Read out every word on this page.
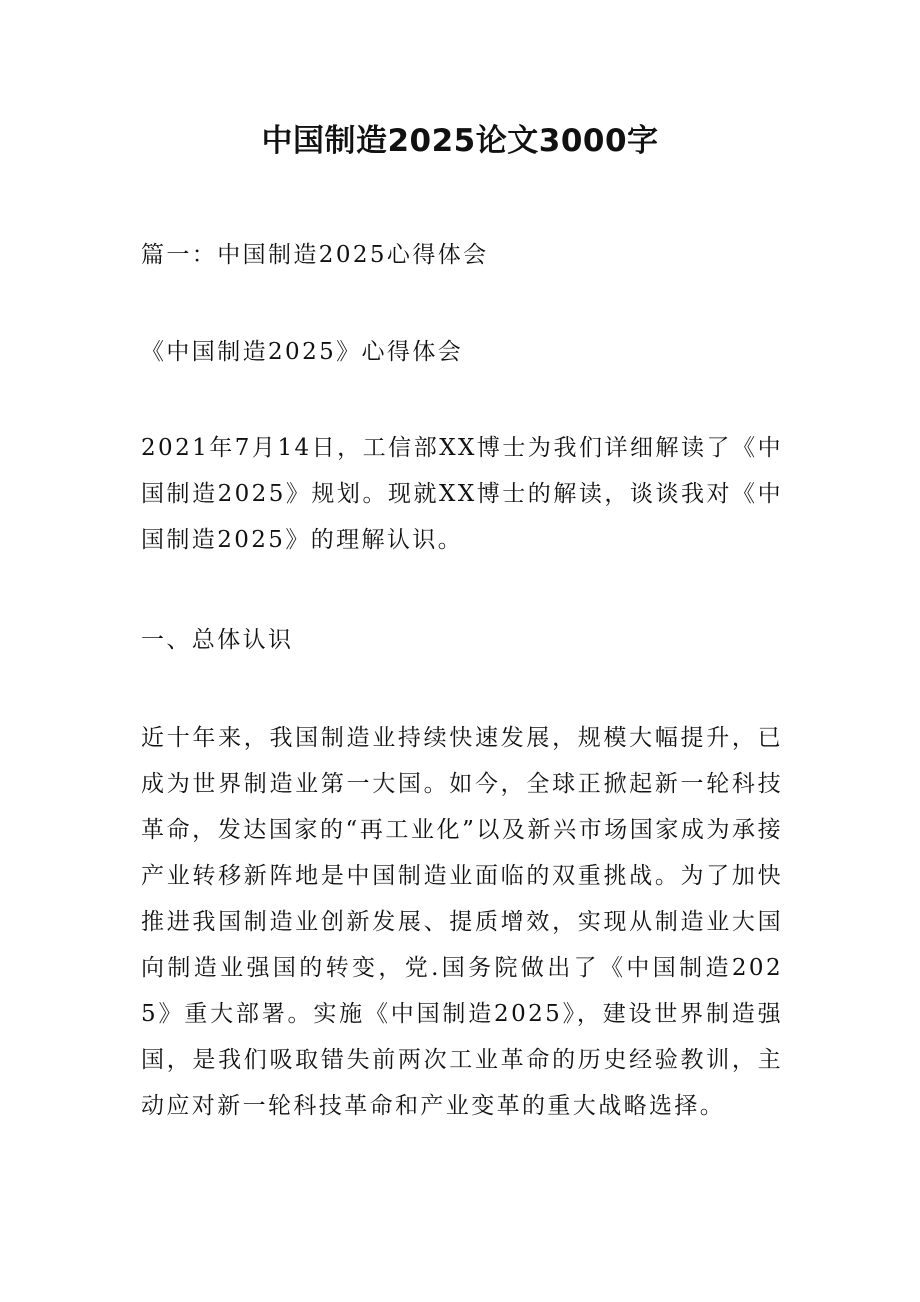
中国制造2025论文3000字

篇一：中国制造2025心得体会

《中国制造2025》心得体会

2021年7月14日，工信部XX博士为我们详细解读了《中国制造2025》规划。现就XX博士的解读，谈谈我对《中国制造2025》的理解认识。

一、总体认识

近十年来，我国制造业持续快速发展，规模大幅提升，已成为世界制造业第一大国。如今，全球正掀起新一轮科技革命，发达国家的“再工业化”以及新兴市场国家成为承接产业转移新阵地是中国制造业面临的双重挑战。为了加快推进我国制造业创新发展、提质增效，实现从制造业大国向制造业强国的转变，党.国务院做出了《中国制造2025》重大部署。实施《中国制造2025》，建设世界制造强国，是我们吸取错失前两次工业革命的历史经验教训，主动应对新一轮科技革命和产业变革的重大战略选择。
